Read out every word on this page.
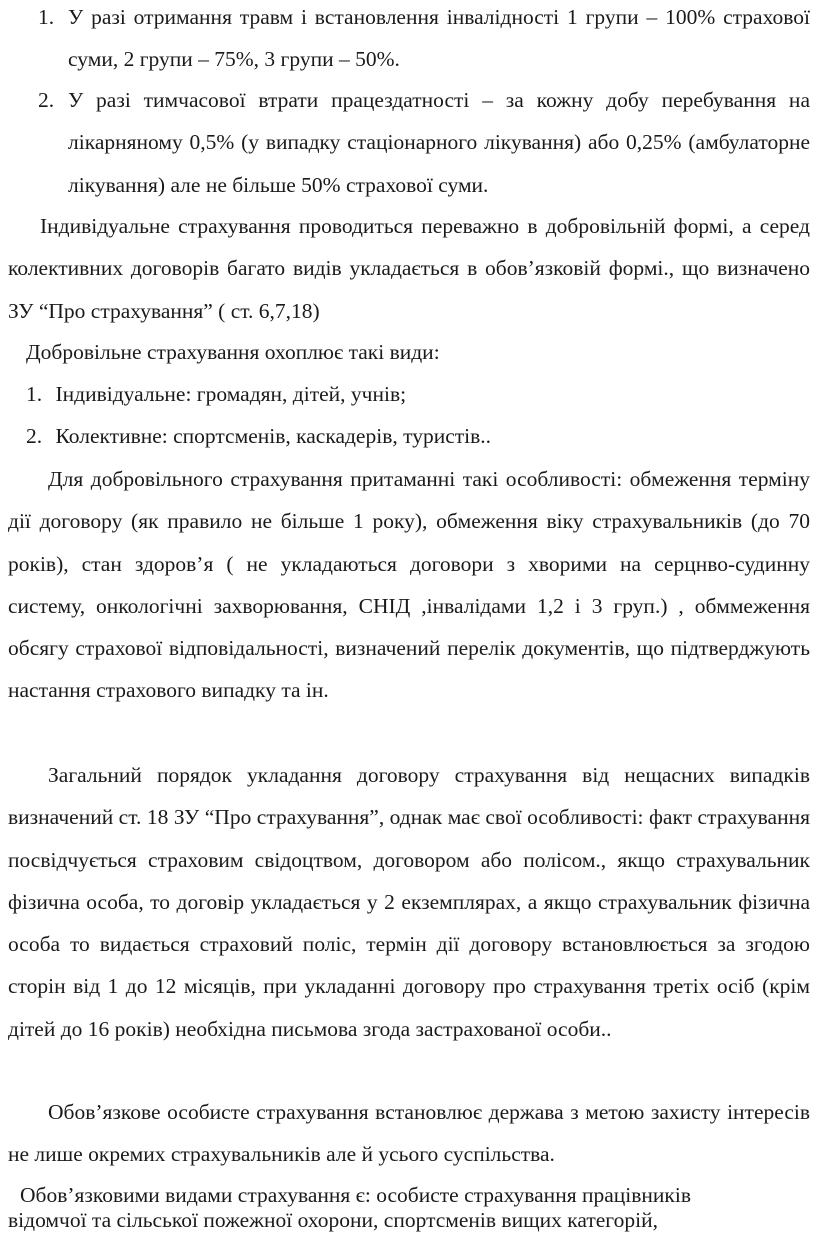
1. У разі отримання травм і встановлення інвалідності 1 групи – 100% страхової суми, 2 групи – 75%, 3 групи – 50%.
2. У разі тимчасової втрати працездатності – за кожну добу перебування на лікарняному 0,5% (у випадку стаціонарного лікування) або 0,25% (амбулаторне лікування) але не більше 50% страхової суми.

Індивідуальне страхування проводиться переважно в добровільній формі, а серед колективних договорів багато видів укладається в обов’язковій формі., що визначено ЗУ “Про страхування” ( ст. 6,7,18)

Добровільне страхування охоплює такі види:

1. Індивідуальне: громадян, дітей, учнів;
2. Колективне: спортсменів, каскадерів, туристів..

Для добровільного страхування притаманні такі особливості: обмеження терміну дії договору (як правило не більше 1 року), обмеження віку страхувальників (до 70 років), стан здоров’я ( не укладаються договори з хворими на серцнво-судинну систему, онкологічні захворювання, СНІД ,інвалідами 1,2 і 3 груп.) , обммеження обсягу страхової відповідальності, визначений перелік документів, що підтверджують настання страхового випадку та ін.

Загальний порядок укладання договору страхування від нещасних випадків визначений ст. 18 ЗУ “Про страхування”, однак має свої особливості: факт страхування посвідчується страховим свідоцтвом, договором або полісом., якщо страхувальник фізична особа, то договір укладається у 2 екземплярах, а якщо страхувальник фізична особа то видається страховий поліс, термін дії договору встановлюється за згодою сторін від 1 до 12 місяців, при укладанні договору про страхування третіх осіб (крім дітей до 16 років) необхідна письмова згода застрахованої особи..

Обов’язкове особисте страхування встановлює держава з метою захисту інтересів не лише окремих страхувальників але й усього суспільства.

Обов’язковими видами страхування є: особисте страхування працівників

відомчої та сільської пожежної охорони, спортсменів вищих категорій,
